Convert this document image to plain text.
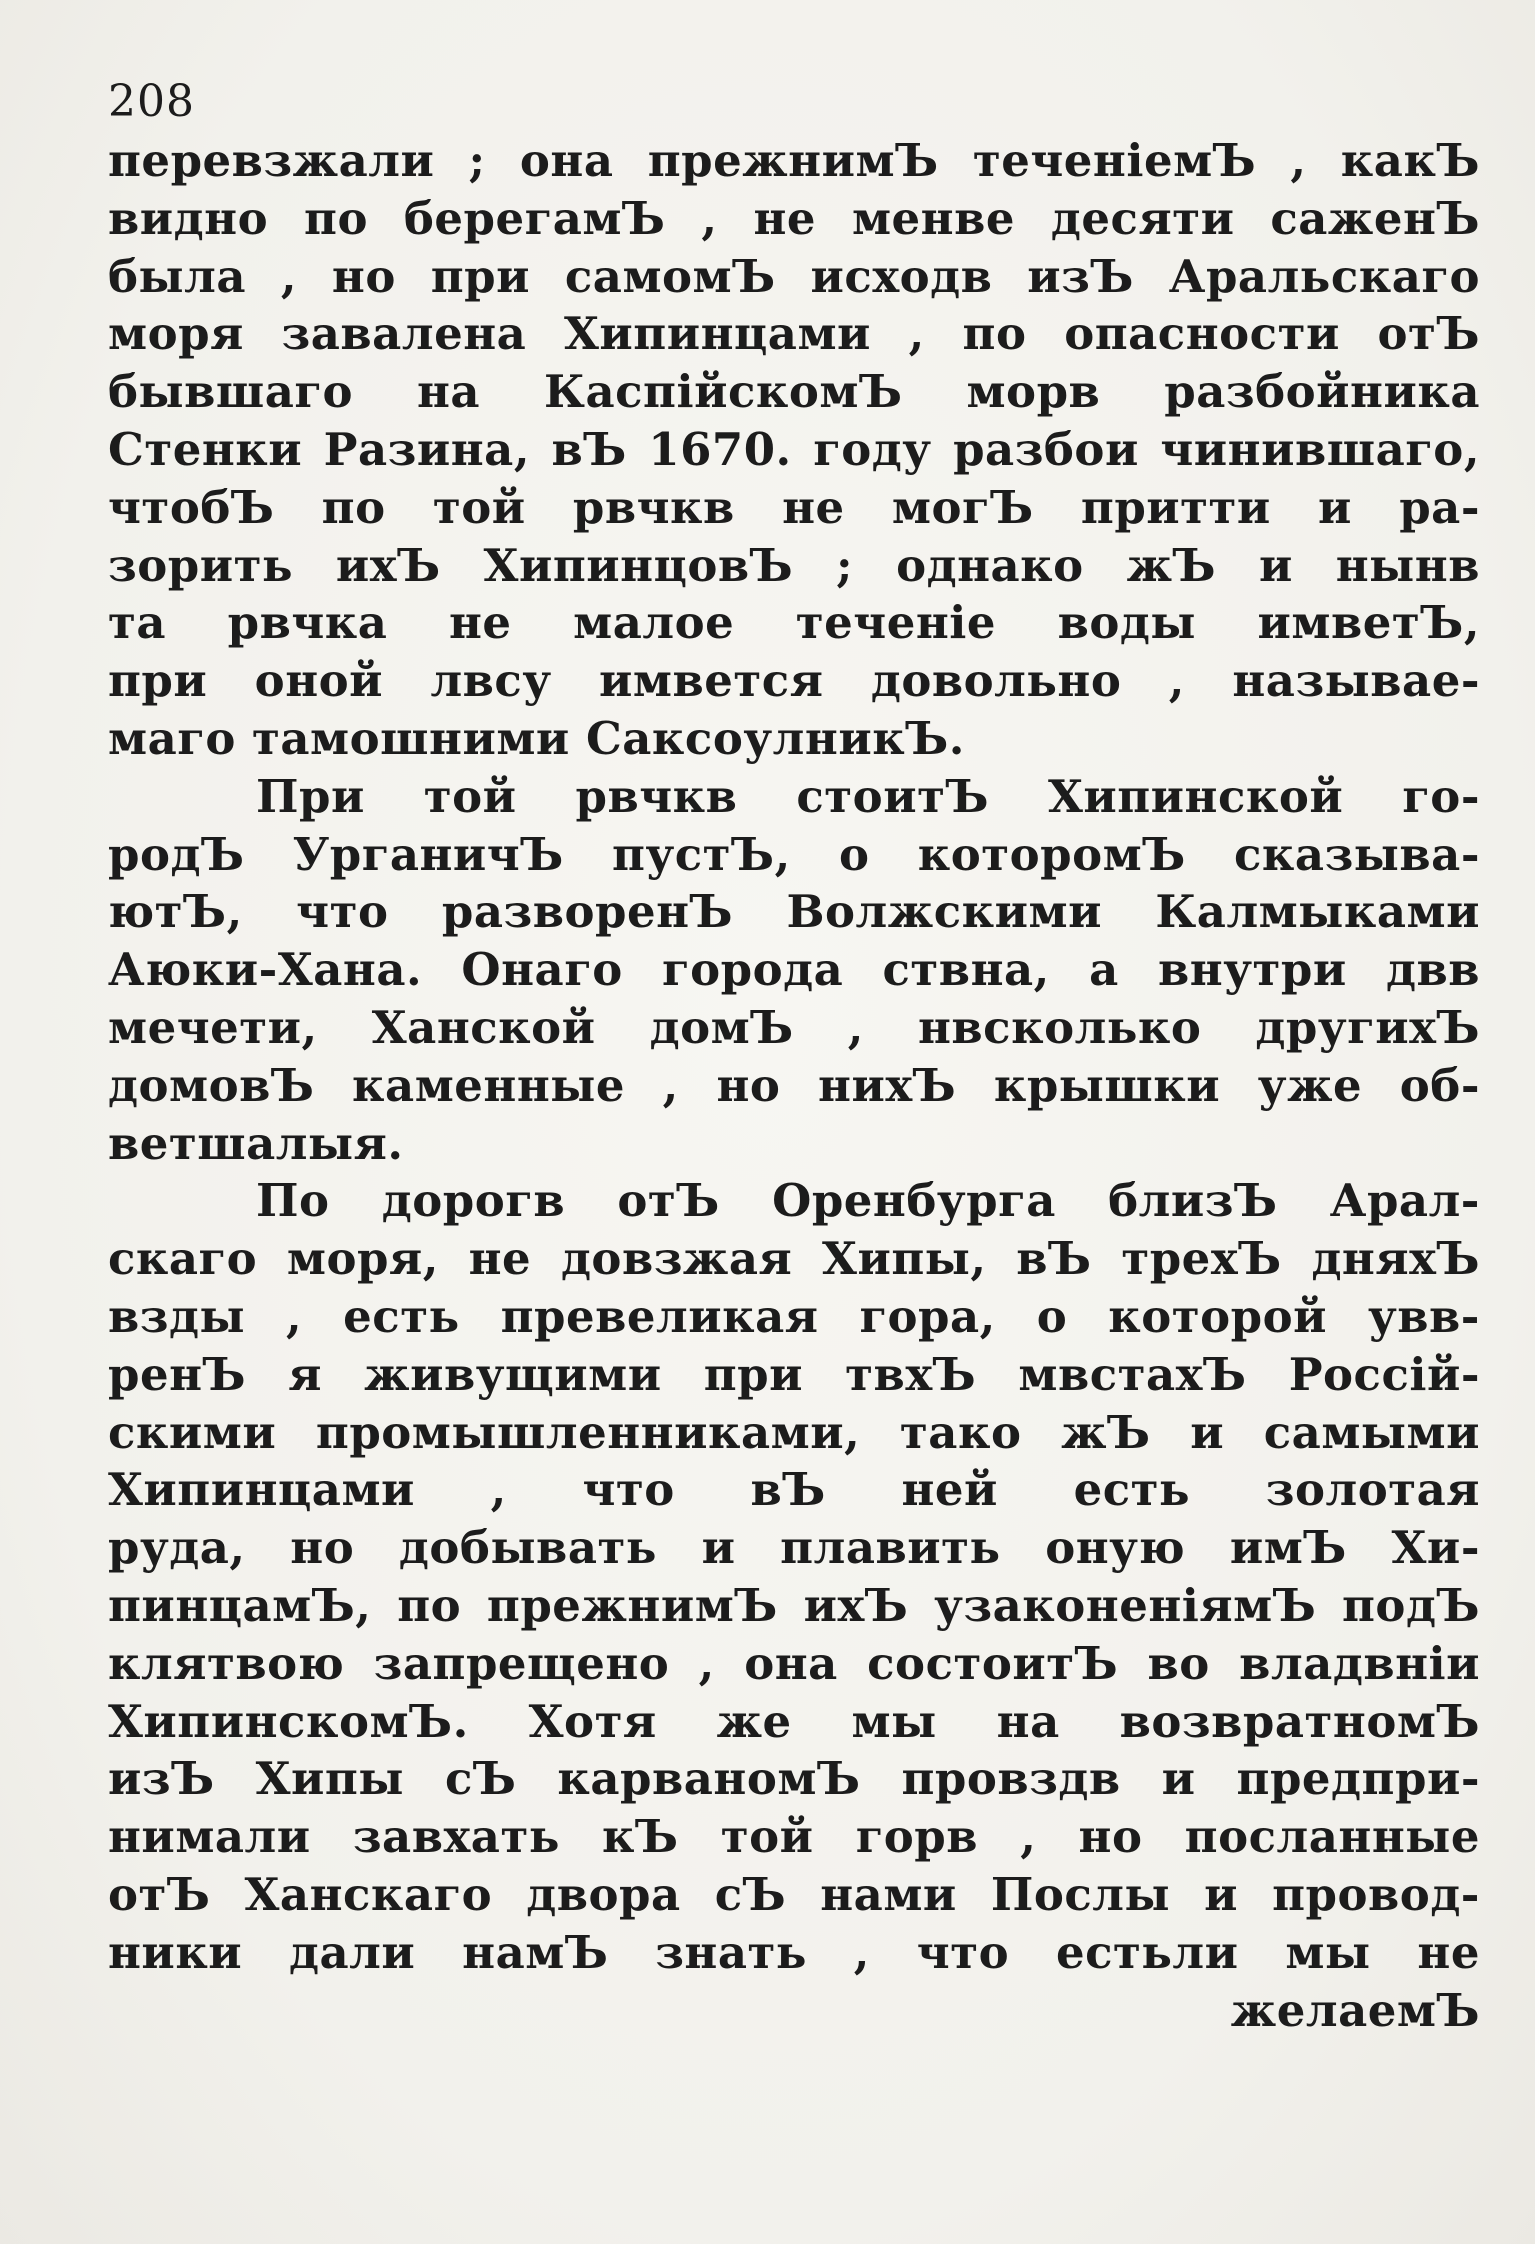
208
перевзжали ; она прежнимЪ теченiемЪ , какЪ
видно по берегамЪ , не менве десяти саженЪ
была , но при самомЪ исходв изЪ Аральскаго
моря завалена Хипинцами , по опасности отЪ
бывшаго на КаспiйскомЪ морв разбойника
Стенки Разина, вЪ 1670. году разбои чинившаго,
чтобЪ по той рвчкв не могЪ притти и ра-
зорить ихЪ ХипинцовЪ ; однако жЪ и нынв
та рвчка не малое теченiе воды имветЪ,
при оной лвсу имвется довольно , называе-
маго тамошними СаксоулникЪ.
При той рвчкв стоитЪ Хипинской го-
родЪ УрганичЪ пустЪ, о которомЪ сказыва-
ютЪ, что разворенЪ Волжскими Калмыками
Аюки-Хана. Онаго города ствна, а внутри двв
мечети, Ханской домЪ , нвсколько другихЪ
домовЪ каменные , но нихЪ крышки уже об-
ветшалыя.
По дорогв отЪ Оренбурга близЪ Арал-
скаго моря, не довзжая Хипы, вЪ трехЪ дняхЪ
взды , есть превеликая гора, о которой увв-
ренЪ я живущими при твхЪ мвстахЪ Россiй-
скими промышленниками, тако жЪ и самыми
Хипинцами , что вЪ ней есть золотая
руда, но добывать и плавить оную имЪ Хи-
пинцамЪ, по прежнимЪ ихЪ узаконенiямЪ подЪ
клятвою запрещено , она состоитЪ во владвнiи
ХипинскомЪ. Хотя же мы на возвратномЪ
изЪ Хипы сЪ карваномЪ провздв и предпри-
нимали завхать кЪ той горв , но посланные
отЪ Ханскаго двора сЪ нами Послы и провод-
ники дали намЪ знать , что естьли мы не
желаемЪ
